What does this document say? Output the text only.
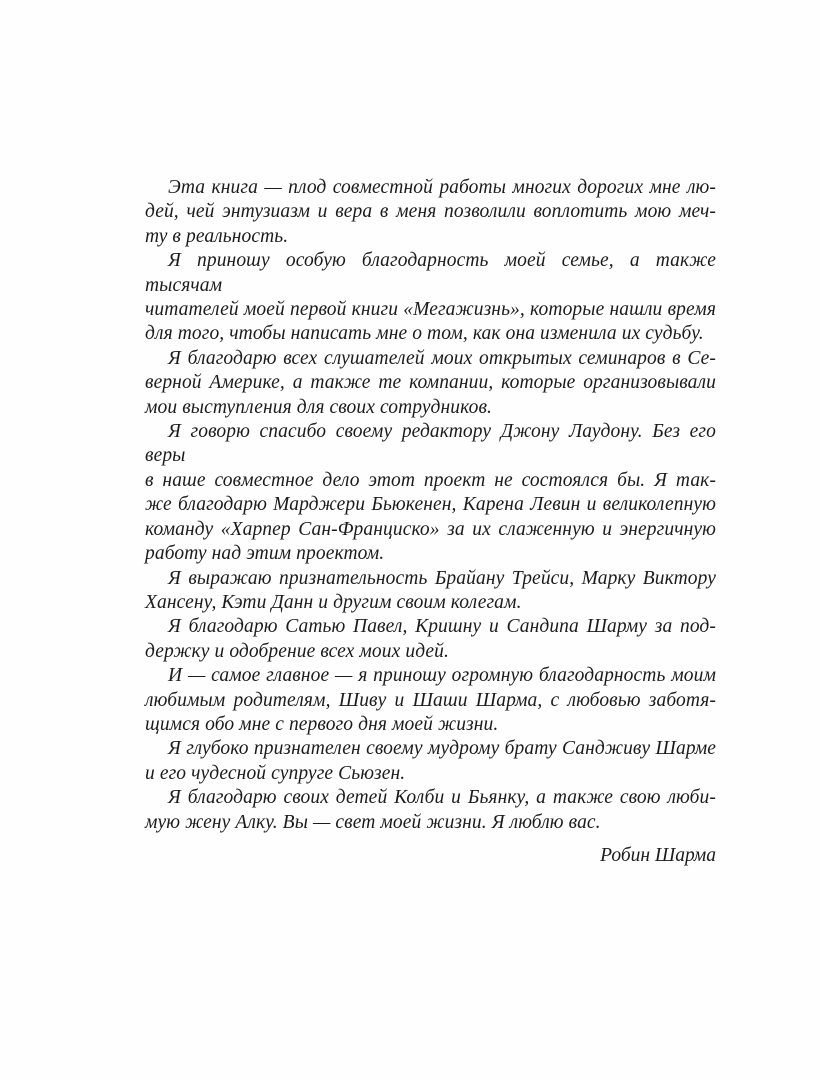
Эта книга — плод совместной работы многих дорогих мне лю-
дей, чей энтузиазм и вера в меня позволили воплотить мою меч-
ту в реальность.
Я приношу особую благодарность моей семье, а также тысячам
читателей моей первой книги «Мегажизнь», которые нашли время
для того, чтобы написать мне о том, как она изменила их судьбу.
Я благодарю всех слушателей моих открытых семинаров в Се-
верной Америке, а также те компании, которые организовывали
мои выступления для своих сотрудников.
Я говорю спасибо своему редактору Джону Лаудону. Без его веры
в наше совместное дело этот проект не состоялся бы. Я так-
же благодарю Марджери Бьюкенен, Карена Левин и великолепную
команду «Харпер Сан-Франциско» за их слаженную и энергичную
работу над этим проектом.
Я выражаю признательность Брайану Трейси, Марку Виктору
Хансену, Кэти Данн и другим своим колегам.
Я благодарю Сатью Павел, Кришну и Сандипа Шарму за под-
держку и одобрение всех моих идей.
И — самое главное — я приношу огромную благодарность моим
любимым родителям, Шиву и Шаши Шарма, с любовью заботя-
щимся обо мне с первого дня моей жизни.
Я глубоко признателен своему мудрому брату Сандживу Шарме
и его чудесной супруге Сьюзен.
Я благодарю своих детей Колби и Бьянку, а также свою люби-
мую жену Алку. Вы — свет моей жизни. Я люблю вас.
Робин Шарма
